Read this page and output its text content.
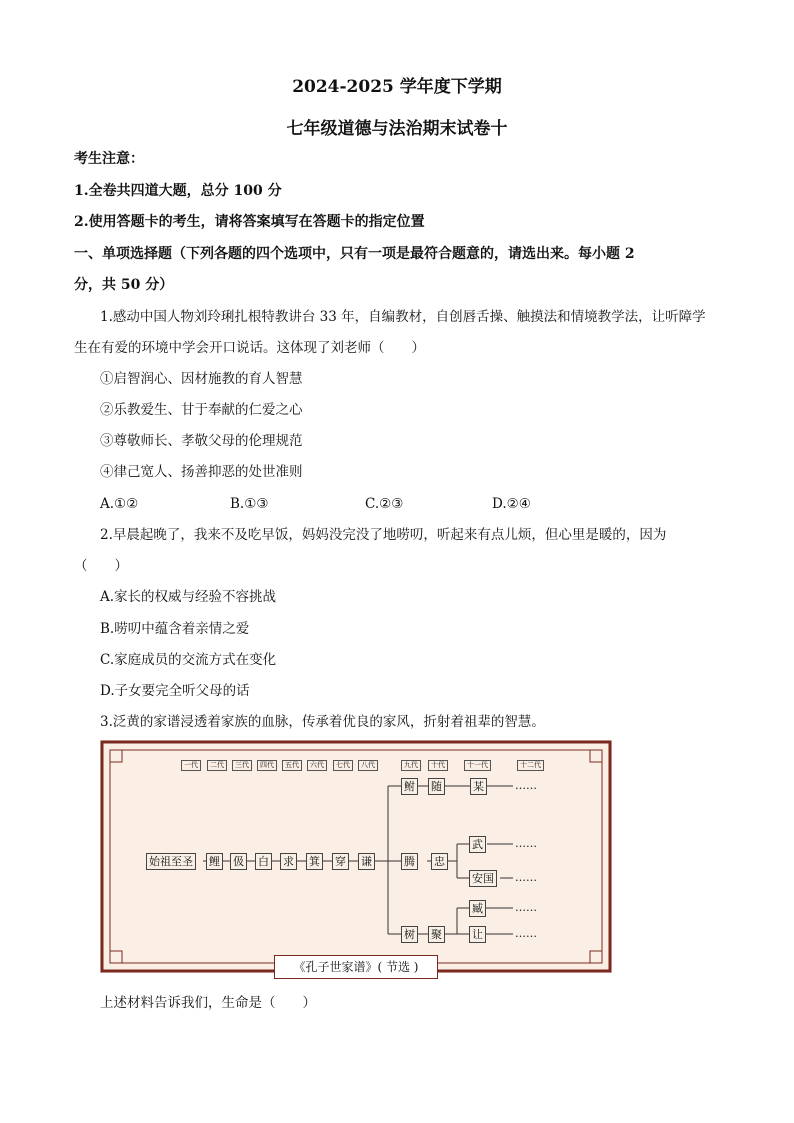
2024-2025 学年度下学期
七年级道德与法治期末试卷十
考生注意：
1.全卷共四道大题，总分 100 分
2.使用答题卡的考生，请将答案填写在答题卡的指定位置
一、单项选择题（下列各题的四个选项中，只有一项是最符合题意的，请选出来。每小题 2
分，共 50 分）
1.感动中国人物刘玲琍扎根特教讲台 33 年，自编教材，自创唇舌操、触摸法和情境教学法，让听障学
生在有爱的环境中学会开口说话。这体现了刘老师（　　）
①启智润心、因材施教的育人智慧
②乐教爱生、甘于奉献的仁爱之心
③尊敬师长、孝敬父母的伦理规范
④律己宽人、扬善抑恶的处世准则
A.①②	B.①③	C.②③	D.②④
2.早晨起晚了，我来不及吃早饭，妈妈没完没了地唠叨，听起来有点儿烦，但心里是暖的，因为
（　　）
A.家长的权威与经验不容挑战
B.唠叨中蕴含着亲情之爱
C.家庭成员的交流方式在变化
D.子女要完全听父母的话
3.泛黄的家谱浸透着家族的血脉，传承着优良的家风，折射着祖辈的智慧。
一代	二代	三代	四代	五代	六代	七代	八代	九代	十代	十一代	十二代
始祖至圣 鲤 伋 白 求 箕 穿 谦
鲋 随	某
腾 忠
武
安国
树 聚
臧
让
……
……
……
……
……
《孔子世家谱》( 节选 )
上述材料告诉我们，生命是（　　）
